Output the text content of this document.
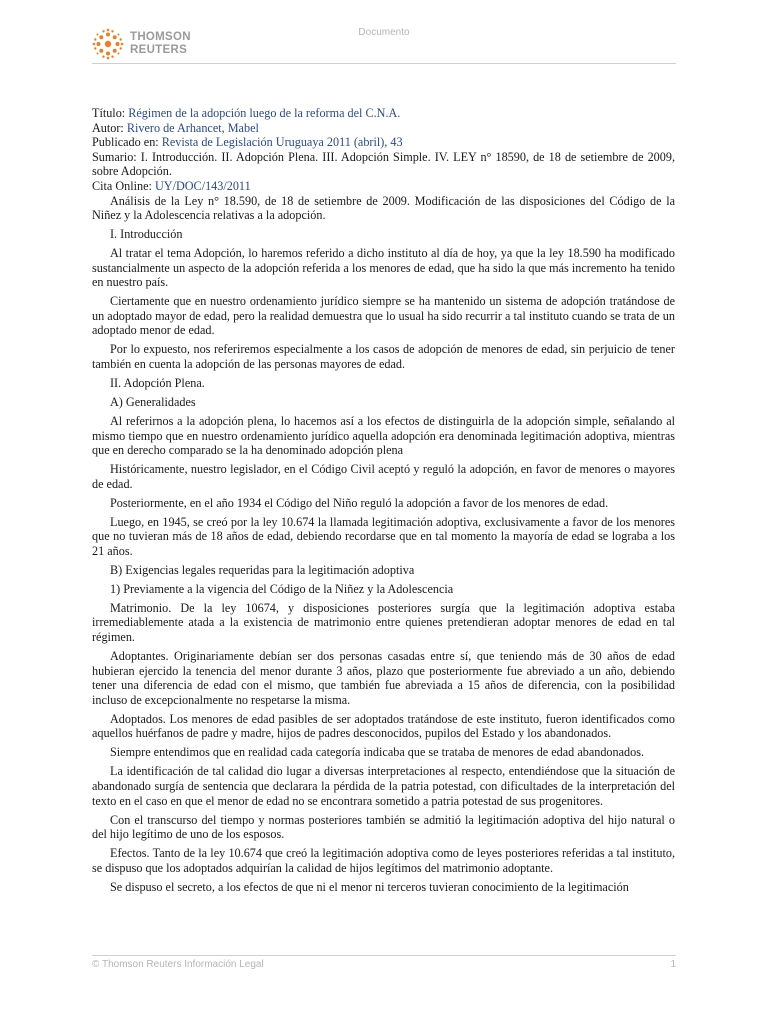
THOMSON
REUTERS
Documento

Título: Régimen de la adopción luego de la reforma del C.N.A.

Autor: Rivero de Arhancet, Mabel

Publicado en: Revista de Legislación Uruguaya 2011 (abril), 43

Sumario: I. Introducción. II. Adopción Plena. III. Adopción Simple. IV. LEY n° 18590, de 18 de setiembre de 2009, sobre Adopción.

Cita Online: UY/DOC/143/2011

Análisis de la Ley n° 18.590, de 18 de setiembre de 2009. Modificación de las disposiciones del Código de la Niñez y la Adolescencia relativas a la adopción.

I. Introducción

Al tratar el tema Adopción, lo haremos referido a dicho instituto al día de hoy, ya que la ley 18.590 ha modificado sustancialmente un aspecto de la adopción referida a los menores de edad, que ha sido la que más incremento ha tenido en nuestro país.

Ciertamente que en nuestro ordenamiento jurídico siempre se ha mantenido un sistema de adopción tratándose de un adoptado mayor de edad, pero la realidad demuestra que lo usual ha sido recurrir a tal instituto cuando se trata de un adoptado menor de edad.

Por lo expuesto, nos referiremos especialmente a los casos de adopción de menores de edad, sin perjuicio de tener también en cuenta la adopción de las personas mayores de edad.

II. Adopción Plena.

A) Generalidades

Al referirnos a la adopción plena, lo hacemos así a los efectos de distinguirla de la adopción simple, señalando al mismo tiempo que en nuestro ordenamiento jurídico aquella adopción era denominada legitimación adoptiva, mientras que en derecho comparado se la ha denominado adopción plena

Históricamente, nuestro legislador, en el Código Civil aceptó y reguló la adopción, en favor de menores o mayores de edad.

Posteriormente, en el año 1934 el Código del Niño reguló la adopción a favor de los menores de edad.

Luego, en 1945, se creó por la ley 10.674 la llamada legitimación adoptiva, exclusivamente a favor de los menores que no tuvieran más de 18 años de edad, debiendo recordarse que en tal momento la mayoría de edad se lograba a los 21 años.

B) Exigencias legales requeridas para la legitimación adoptiva

1) Previamente a la vigencia del Código de la Niñez y la Adolescencia

Matrimonio. De la ley 10674, y disposiciones posteriores surgía que la legitimación adoptiva estaba irremediablemente atada a la existencia de matrimonio entre quienes pretendieran adoptar menores de edad en tal régimen.

Adoptantes. Originariamente debían ser dos personas casadas entre sí, que teniendo más de 30 años de edad hubieran ejercido la tenencia del menor durante 3 años, plazo que posteriormente fue abreviado a un año, debiendo tener una diferencia de edad con el mismo, que también fue abreviada a 15 años de diferencia, con la posibilidad incluso de excepcionalmente no respetarse la misma.

Adoptados. Los menores de edad pasibles de ser adoptados tratándose de este instituto, fueron identificados como aquellos huérfanos de padre y madre, hijos de padres desconocidos, pupilos del Estado y los abandonados.

Siempre entendimos que en realidad cada categoría indicaba que se trataba de menores de edad abandonados.

La identificación de tal calidad dio lugar a diversas interpretaciones al respecto, entendiéndose que la situación de abandonado surgía de sentencia que declarara la pérdida de la patria potestad, con dificultades de la interpretación del texto en el caso en que el menor de edad no se encontrara sometido a patria potestad de sus progenitores.

Con el transcurso del tiempo y normas posteriores también se admitió la legitimación adoptiva del hijo natural o del hijo legítimo de uno de los esposos.

Efectos. Tanto de la ley 10.674 que creó la legitimación adoptiva como de leyes posteriores referidas a tal instituto, se dispuso que los adoptados adquirían la calidad de hijos legítimos del matrimonio adoptante.

Se dispuso el secreto, a los efectos de que ni el menor ni terceros tuvieran conocimiento de la legitimación

© Thomson Reuters Información Legal	1
